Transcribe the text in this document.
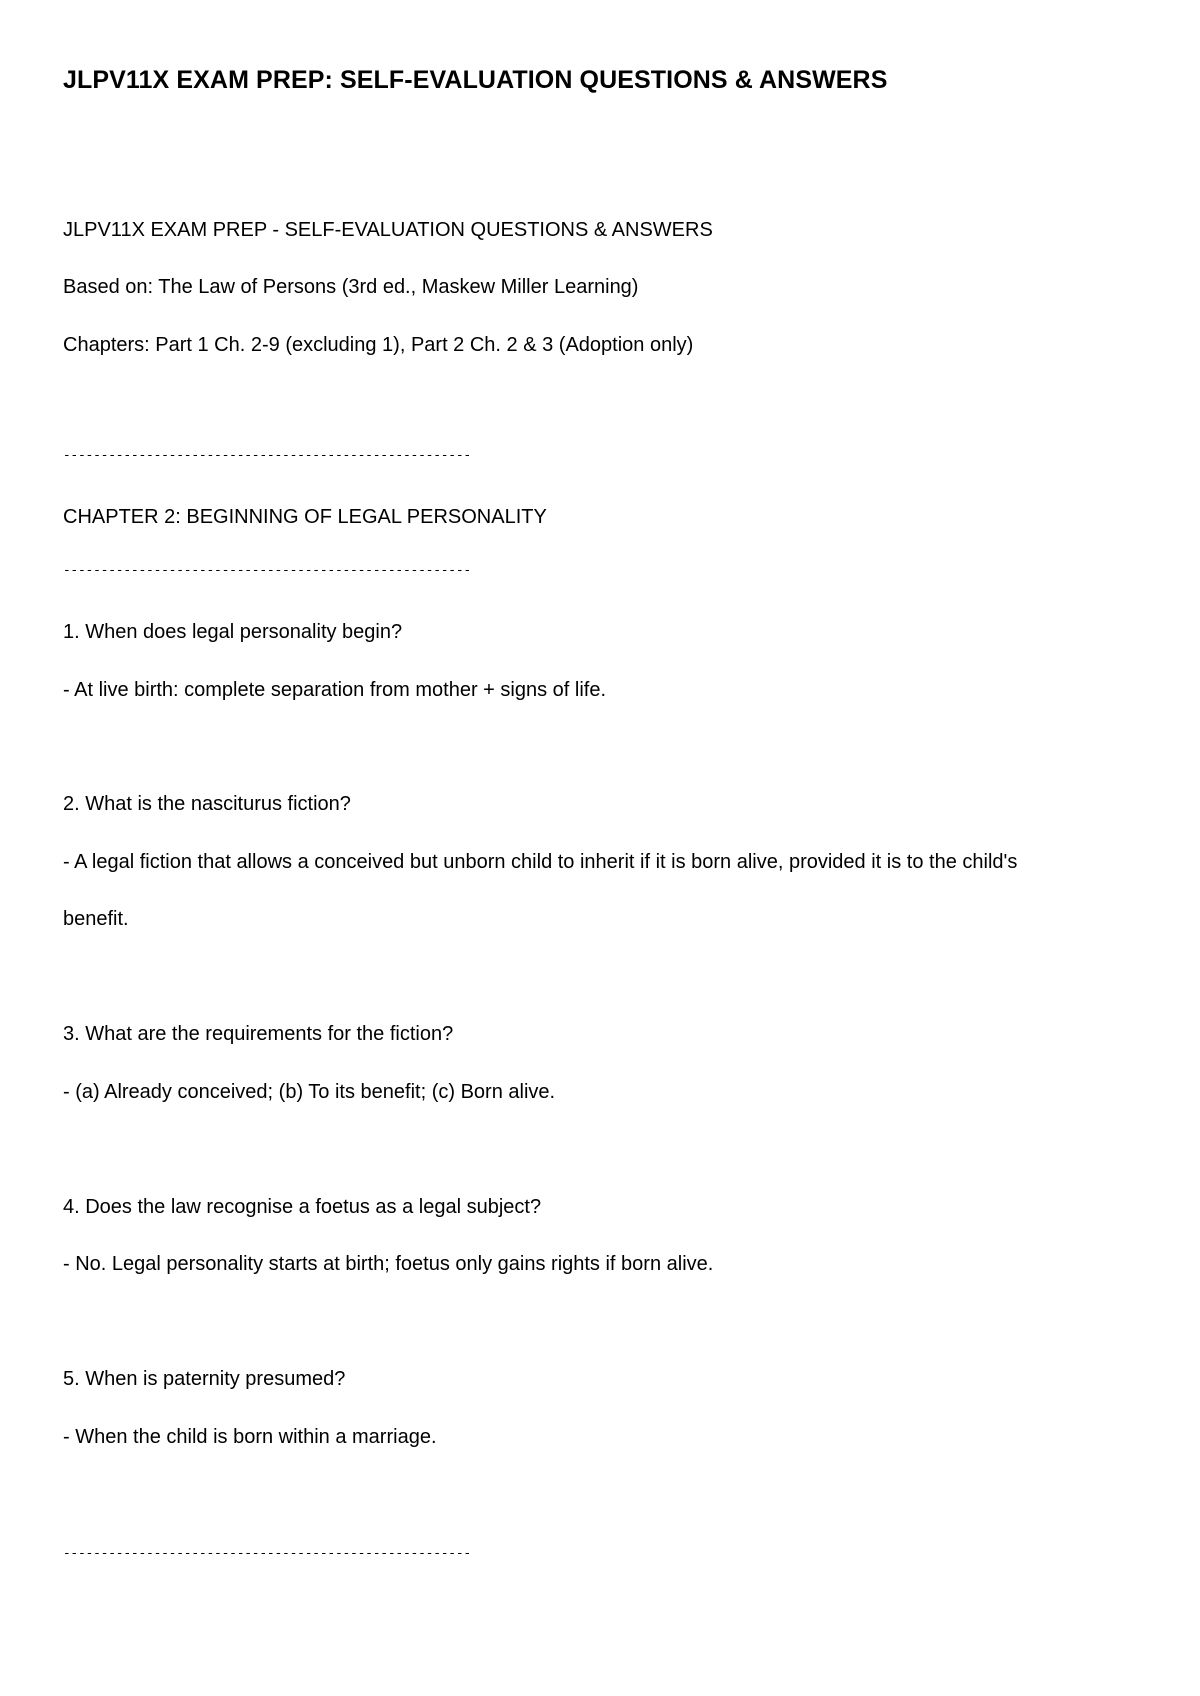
JLPV11X EXAM PREP: SELF-EVALUATION QUESTIONS & ANSWERS
JLPV11X EXAM PREP - SELF-EVALUATION QUESTIONS & ANSWERS
Based on: The Law of Persons (3rd ed., Maskew Miller Learning)
Chapters: Part 1 Ch. 2-9 (excluding 1), Part 2 Ch. 2 & 3 (Adoption only)
------------------------------------------------------
CHAPTER 2: BEGINNING OF LEGAL PERSONALITY
------------------------------------------------------
1. When does legal personality begin?
- At live birth: complete separation from mother + signs of life.
2. What is the nasciturus fiction?
- A legal fiction that allows a conceived but unborn child to inherit if it is born alive, provided it is to the child's
benefit.
3. What are the requirements for the fiction?
- (a) Already conceived; (b) To its benefit; (c) Born alive.
4. Does the law recognise a foetus as a legal subject?
- No. Legal personality starts at birth; foetus only gains rights if born alive.
5. When is paternity presumed?
- When the child is born within a marriage.
------------------------------------------------------
